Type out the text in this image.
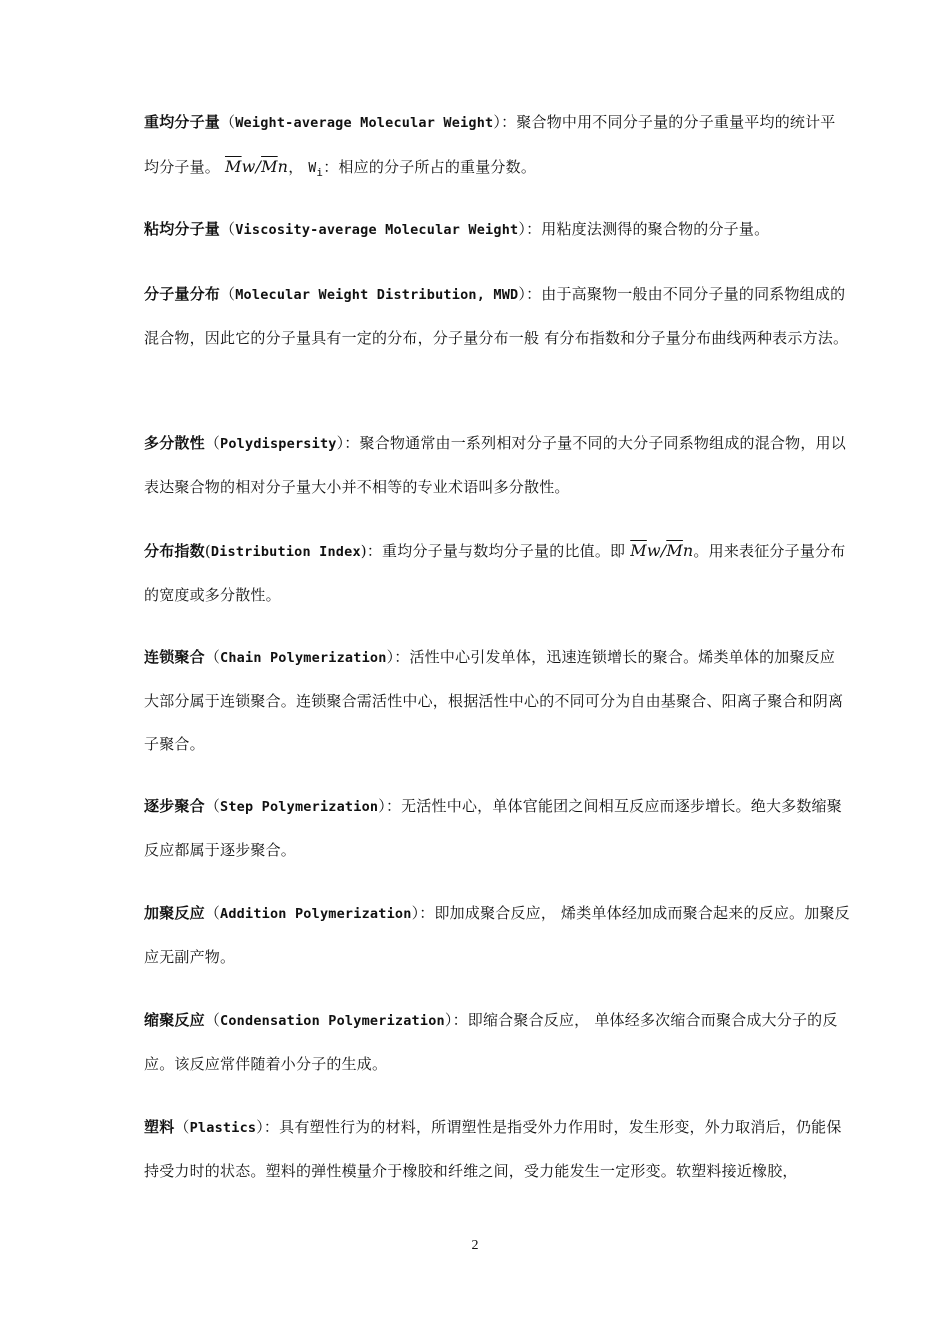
重均分子量（Weight-average Molecular Weight）：聚合物中用不同分子量的分子重量平均的统计平均分子量。 $\overline{M}w/\overline{M}n$， $W_i$：相应的分子所占的重量分数。

粘均分子量（Viscosity-average Molecular Weight）：用粘度法测得的聚合物的分子量。

分子量分布（Molecular Weight Distribution, MWD）：由于高聚物一般由不同分子量的同系物组成的混合物，因此它的分子量具有一定的分布，分子量分布一般 有分布指数和分子量分布曲线两种表示方法。

多分散性（Polydispersity）：聚合物通常由一系列相对分子量不同的大分子同系物组成的混合物，用以表达聚合物的相对分子量大小并不相等的专业术语叫多分散性。

分布指数(Distribution Index)：重均分子量与数均分子量的比值。即 $\overline{M}w/\overline{M}n$。用来表征分子量分布的宽度或多分散性。

连锁聚合（Chain Polymerization）：活性中心引发单体，迅速连锁增长的聚合。烯类单体的加聚反应大部分属于连锁聚合。连锁聚合需活性中心，根据活性中心的不同可分为自由基聚合、阳离子聚合和阴离子聚合。

逐步聚合（Step Polymerization）：无活性中心，单体官能团之间相互反应而逐步增长。绝大多数缩聚反应都属于逐步聚合。

加聚反应（Addition Polymerization）：即加成聚合反应， 烯类单体经加成而聚合起来的反应。加聚反应无副产物。

缩聚反应（Condensation Polymerization）：即缩合聚合反应， 单体经多次缩合而聚合成大分子的反应。该反应常伴随着小分子的生成。

塑料（Plastics）：具有塑性行为的材料，所谓塑性是指受外力作用时，发生形变，外力取消后，仍能保持受力时的状态。塑料的弹性模量介于橡胶和纤维之间，受力能发生一定形变。软塑料接近橡胶，

2
